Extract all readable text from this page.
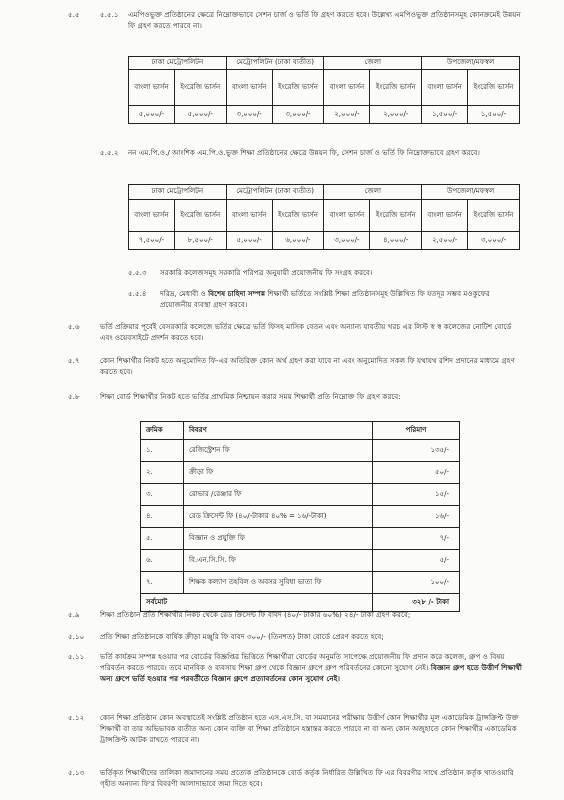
৫.৫	৫.৫.১ এমপিওভুক্ত প্রতিষ্ঠানের ক্ষেত্রে নিম্নোক্তভাবে সেশন চার্জ ও ভর্তি ফি গ্রহণ করতে হবে। উল্লেখ্য এমপিওভুক্ত প্রতিষ্ঠানসমূহ কোনক্রমেই উন্নয়ন ফি গ্রহণ করতে পারবে না।
ঢাকা মেট্রোপলিটন		মেট্রোপলিটন (ঢাকা ব্যতীত)		জেলা		উপজেলা/মফস্বল	
বাংলা ভার্সন	ইংরেজি ভার্সন	বাংলা ভার্সন	ইংরেজি ভার্সন	বাংলা ভার্সন	ইংরেজি ভার্সন	বাংলা ভার্সন	ইংরেজি ভার্সন
৫,০০০/-	৫,০০০/-	৩,০০০/-	৩,০০০/-	২,০০০/-	২,০০০/-	১,৫০০/-	১,৫০০/-
৫.৫.২ নন এম.পি.ও./ আংশিক এম.পি.ও.ভুক্ত শিক্ষা প্রতিষ্ঠানের ক্ষেত্রে উন্নয়ন ফি, সেশন চার্জ ও ভর্তি ফি নিম্নোক্তভাবে গ্রহণ করবে।
ঢাকা মেট্রোপলিটন		মেট্রোপলিটন (ঢাকা ব্যতীত)		জেলা		উপজেলা/মফস্বল	
বাংলা ভার্সন	ইংরেজি ভার্সন	বাংলা ভার্সন	ইংরেজি ভার্সন	বাংলা ভার্সন	ইংরেজি ভার্সন	বাংলা ভার্সন	ইংরেজি ভার্সন
৭,৫০০/-	৮,৫০০/-	৫,০০০/-	৬,০০০/-	৩,০০০/-	৪,০০০/-	২,৫০০/-	৩,০০০/-
৫.৫.৩ সরকারি কলেজসমূহ সরকারি পরিপত্র অনুযায়ী প্রয়োজনীয় ফি সংগ্রহ করবে।
৫.৫.৪ দরিদ্র, মেধাবী ও বিশেষ চাহিদা সম্পন্ন শিক্ষার্থী ভর্তিতে সংশ্লিষ্ট শিক্ষা প্রতিষ্ঠানসমূহ উল্লিখিত ফি যতদূর সম্ভব মওকুফের প্রয়োজনীয় ব্যবস্থা গ্রহণ করবে।
৫.৬	ভর্তি প্রক্রিয়ার পূর্বেই বেসরকারি কলেজে ভর্তির ক্ষেত্রে ভর্তি ফিসহ মাসিক বেতন এবং অন্যান্য যাবতীয় খরচ এর লিস্ট স্ব স্ব কলেজের নোটিশ বোর্ডে এবং ওয়েবসাইটে প্রদর্শন করতে হবে।
৫.৭	কোন শিক্ষার্থীর নিকট হতে অনুমোদিত ফি-এর অতিরিক্ত কোন অর্থ গ্রহণ করা যাবে না এবং অনুমোদিত সকল ফি যথাযথ রশিদ প্রদানের মাধ্যমে গ্রহণ করতে হবে।
৫.৮	শিক্ষা বোর্ড শিক্ষার্থীর নিকট হতে ভর্তির প্রাথমিক নিশ্চায়ন করার সময় শিক্ষার্থী প্রতি নিম্নোক্ত ফি গ্রহণ করবে:
ক্রমিক	বিবরণ	পরিমাণ
১.	রেজিস্ট্রেশন ফি	১৩৫/-
২.	ক্রীড়া ফি	৫০/-
৩.	রোভার /রেঞ্জার ফি	১৫/-
৪.	রেড ক্রিসেন্ট ফি (৪০/-টাকার ৪০% = ১৬/-টাকা)	১৬/-
৫.	বিজ্ঞান ও প্রযুক্তি ফি	৭/-
৬.	বি.এন.সি.সি. ফি	৫/-
৭.	শিক্ষক কল্যাণ তহবিল ও অবসর সুবিধা ভাতা ফি	১০০/-
সর্বমোট		৩২৮ /- টাকা
৫.৯	শিক্ষা প্রতিষ্ঠান প্রতি শিক্ষার্থীর নিকট থেকে রেড ক্রিসেন্ট ফি বাবদ (৪০/- টাকার ৬০%) ২৪/- টাকা গ্রহণ করবে;
৫.১০ প্রতি শিক্ষা প্রতিষ্ঠানকে বার্ষিক ক্রীড়া মঞ্জুরি ফি বাবদ ৩০০/- (তিনশত) টাকা বোর্ডে প্রেরণ করতে হবে;
৫.১১ ভর্তি কার্যক্রম সম্পন্ন হওয়ার পর বোর্ডের বিজ্ঞপ্তির ভিত্তিতে শিক্ষার্থীরা বোর্ডের অনুমতি সাপেক্ষে প্রয়োজনীয় ফি প্রদান করে কলেজ, গ্রুপ ও বিষয় পরিবর্তন করতে পারবে। তবে মানবিক ও ব্যবসায় শিক্ষা গ্রুপ থেকে বিজ্ঞান গ্রুপে গ্রুপ পরিবর্তনের কোনো সুযোগ নেই। বিজ্ঞান গ্রুপ হতে উত্তীর্ণ শিক্ষার্থী অন্য গ্রুপে ভর্তি হওয়ার পর পরবর্তীতে বিজ্ঞান গ্রুপে প্রত্যাবর্তনের কোন সুযোগ নেই।
৫.১২ কোন শিক্ষা প্রতিষ্ঠান কোন অবস্থাতেই সংশ্লিষ্ট প্রতিষ্ঠান হতে এস.এস.সি. বা সমমানের পরীক্ষায় উত্তীর্ণ কোন শিক্ষার্থীর মূল একাডেমিক ট্রান্সক্রিপ্ট উক্ত শিক্ষার্থী বা তার অভিভাবক ব্যতীত অন্য কোন ব্যক্তি বা শিক্ষা প্রতিষ্ঠানে হস্তান্তর করতে পারবে না বা অন্য কোন অজুহাতে কোন শিক্ষার্থীর একাডেমিক ট্রান্সক্রিপ্ট আটক রাখতে পারবে না।
৫.১৩ ভর্তিকৃত শিক্ষার্থীদের তালিকা জমাদানের সময় প্রত্যেক প্রতিষ্ঠানকে বোর্ড কর্তৃক নির্ধারিত উল্লিখিত ফি এর বিবরণীর সাথে প্রতিষ্ঠান কর্তৃক খাতওয়ারি গৃহীত অন্যান্য ফি'র বিবরণী আলাদাভাবে জমা দিতে হবে।
